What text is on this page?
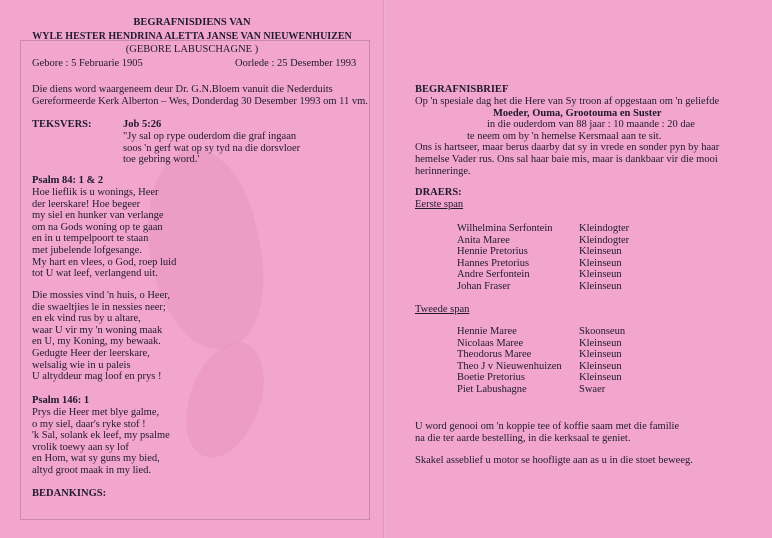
BEGRAFNISDIENS VAN
WYLE HESTER HENDRINA ALETTA JANSE VAN NIEUWENHUIZEN
(GEBORE LABUSCHAGNE )
Gebore : 5 Februarie 1905	Oorlede : 25 Desember 1993
Die diens word waargeneem deur Dr. G.N.Bloem vanuit die Nederduits
Gereformeerde Kerk Alberton – Wes, Donderdag 30 Desember 1993 om 11 vm.
TEKSVERS:	Job 5:26
"Jy sal op rype ouderdom die graf ingaan
soos 'n gerf wat op sy tyd na die dorsvloer
toe gebring word.'
Psalm 84: 1 & 2
Hoe lieflik is u wonings, Heer
der leerskare! Hoe begeer
my siel en hunker van verlange
om na Gods woning op te gaan
en in u tempelpoort te staan
met jubelende lofgesange.
My hart en vlees, o God, roep luid
tot U wat leef, verlangend uit.
Die mossies vind 'n huis, o Heer,
die swaeltjies le in nessies neer;
en ek vind rus by u altare,
waar U vir my 'n woning maak
en U, my Koning, my bewaak.
Gedugte Heer der leerskare,
welsalig wie in u paleis
U altyddeur mag loof en prys !
Psalm 146: 1
Prys die Heer met blye galme,
o my siel, daar's ryke stof !
'k Sal, solank ek leef, my psalme
vrolik toewy aan sy lof
en Hom, wat sy guns my bied,
altyd groot maak in my lied.
BEDANKINGS:
BEGRAFNISBRIEF
Op 'n spesiale dag het die Here van Sy troon af opgestaan om 'n geliefde
Moeder, Ouma, Grootouma en Suster
in die ouderdom van 88 jaar : 10 maande : 20 dae
te neem om by 'n hemelse Kersmaal aan te sit.
Ons is hartseer, maar berus daarby dat sy in vrede en sonder pyn by haar
hemelse Vader rus. Ons sal haar baie mis, maar is dankbaar vir die mooi
herinneringe.
DRAERS:
Eerste span
Wilhelmina Serfontein
Anita Maree
Hennie Pretorius
Hannes Pretorius
Andre Serfontein
Johan Fraser
Kleindogter
Kleindogter
Kleinseun
Kleinseun
Kleinseun
Kleinseun
Tweede span
Hennie Maree
Nicolaas Maree
Theodorus Maree
Theo J v Nieuwenhuizen
Boetie Pretorius
Piet Labushagne
Skoonseun
Kleinseun
Kleinseun
Kleinseun
Kleinseun
Swaer
U word genooi om 'n koppie tee of koffie saam met die familie
na die ter aarde bestelling, in die kerksaal te geniet.
Skakel asseblief u motor se hoofligte aan as u in die stoet beweeg.
